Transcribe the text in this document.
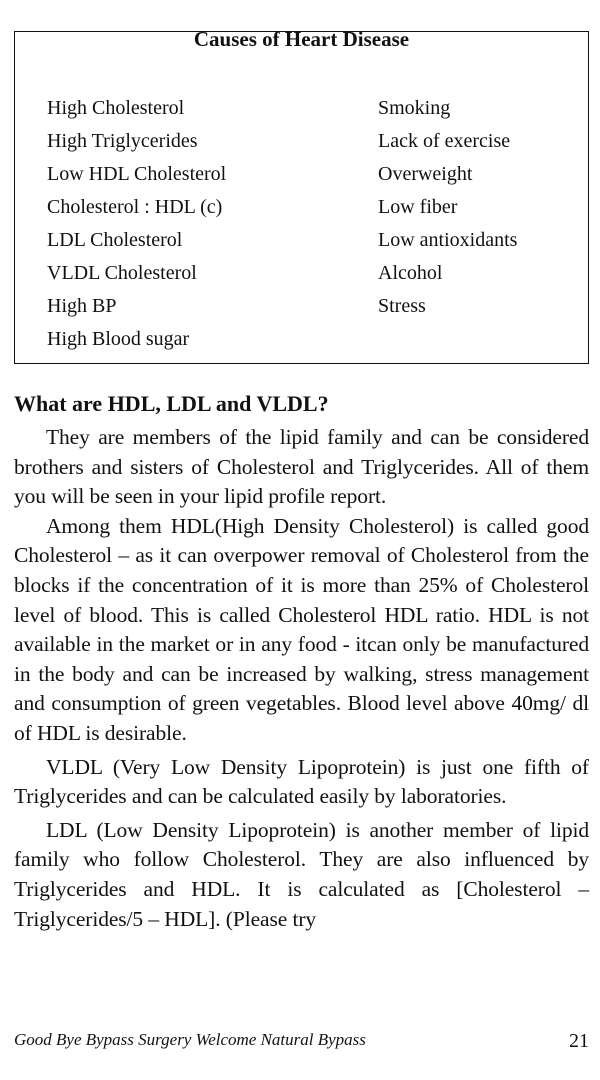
Causes of Heart Disease
High Cholesterol
High Triglycerides
Low HDL Cholesterol
Cholesterol : HDL (c)
LDL Cholesterol
VLDL Cholesterol
High BP
High Blood sugar
Smoking
Lack of exercise
Overweight
Low fiber
Low antioxidants
Alcohol
Stress
What are HDL, LDL and VLDL?

They are members of the lipid family and can be considered brothers and sisters of Cholesterol and Triglycerides. All of them you will be seen in your lipid profile report.

Among them HDL(High Density Cholesterol) is called good Cholesterol – as it can overpower removal of Cholesterol from the blocks if the concentration of it is more than 25% of Cholesterol level of blood. This is called Cholesterol HDL ratio. HDL is not available in the market or in any food - itcan only be manufactured in the body and can be increased by walking, stress management and consumption of green vegetables. Blood level above 40mg/ dl of HDL is desirable.

VLDL (Very Low Density Lipoprotein) is just one fifth of Triglycerides and can be calculated easily by laboratories.

LDL (Low Density Lipoprotein) is another member of lipid family who follow Cholesterol. They are also influenced by Triglycerides and HDL. It is calculated as [Cholesterol – Triglycerides/5 – HDL]. (Please try

Good Bye Bypass Surgery Welcome Natural Bypass	21
